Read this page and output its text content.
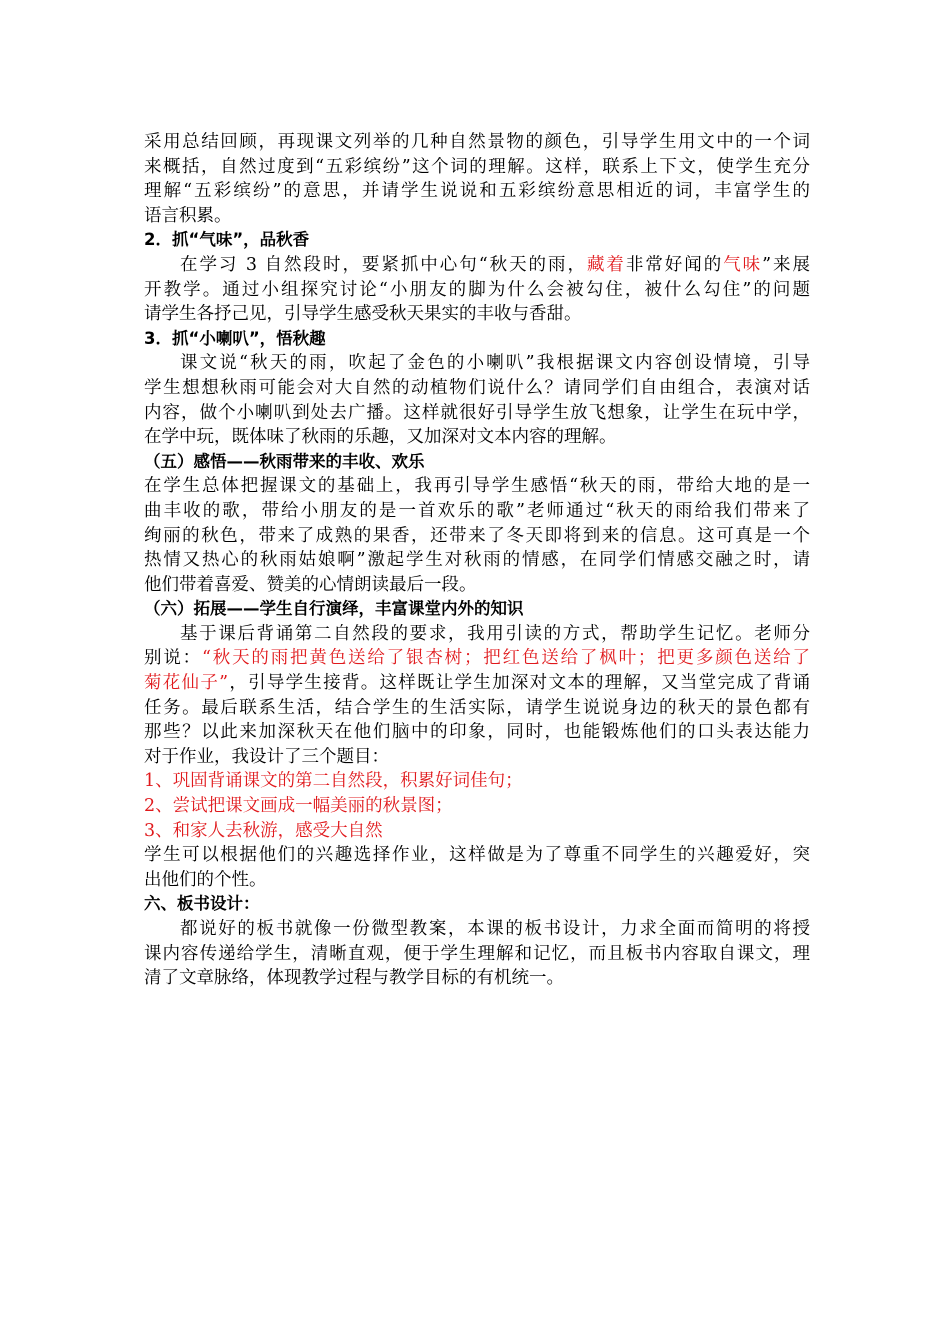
采用总结回顾，再现课文列举的几种自然景物的颜色，引导学生用文中的一个词
来概括，自然过度到“五彩缤纷”这个词的理解。这样，联系上下文，使学生充分
理解“五彩缤纷”的意思，并请学生说说和五彩缤纷意思相近的词，丰富学生的
语言积累。
2．抓“气味”，品秋香
在学习 3 自然段时，要紧抓中心句“秋天的雨，藏着非常好闻的气味”来展
开教学。通过小组探究讨论“小朋友的脚为什么会被勾住，被什么勾住”的问题
请学生各抒己见，引导学生感受秋天果实的丰收与香甜。
3．抓“小喇叭”，悟秋趣
课文说“秋天的雨，吹起了金色的小喇叭”我根据课文内容创设情境，引导
学生想想秋雨可能会对大自然的动植物们说什么？请同学们自由组合，表演对话
内容，做个小喇叭到处去广播。这样就很好引导学生放飞想象，让学生在玩中学，
在学中玩，既体味了秋雨的乐趣，又加深对文本内容的理解。
（五）感悟——秋雨带来的丰收、欢乐
在学生总体把握课文的基础上，我再引导学生感悟“秋天的雨，带给大地的是一
曲丰收的歌，带给小朋友的是一首欢乐的歌”老师通过“秋天的雨给我们带来了
绚丽的秋色，带来了成熟的果香，还带来了冬天即将到来的信息。这可真是一个
热情又热心的秋雨姑娘啊”激起学生对秋雨的情感，在同学们情感交融之时，请
他们带着喜爱、赞美的心情朗读最后一段。
（六）拓展——学生自行演绎，丰富课堂内外的知识
基于课后背诵第二自然段的要求，我用引读的方式，帮助学生记忆。老师分
别说：“秋天的雨把黄色送给了银杏树；把红色送给了枫叶；把更多颜色送给了
菊花仙子”，引导学生接背。这样既让学生加深对文本的理解，又当堂完成了背诵
任务。最后联系生活，结合学生的生活实际，请学生说说身边的秋天的景色都有
那些？以此来加深秋天在他们脑中的印象，同时，也能锻炼他们的口头表达能力
对于作业，我设计了三个题目：
1、巩固背诵课文的第二自然段，积累好词佳句；
2、尝试把课文画成一幅美丽的秋景图；
3、和家人去秋游，感受大自然
学生可以根据他们的兴趣选择作业，这样做是为了尊重不同学生的兴趣爱好，突
出他们的个性。
六、板书设计：
都说好的板书就像一份微型教案，本课的板书设计，力求全面而简明的将授
课内容传递给学生，清晰直观，便于学生理解和记忆，而且板书内容取自课文，理
清了文章脉络，体现教学过程与教学目标的有机统一。
